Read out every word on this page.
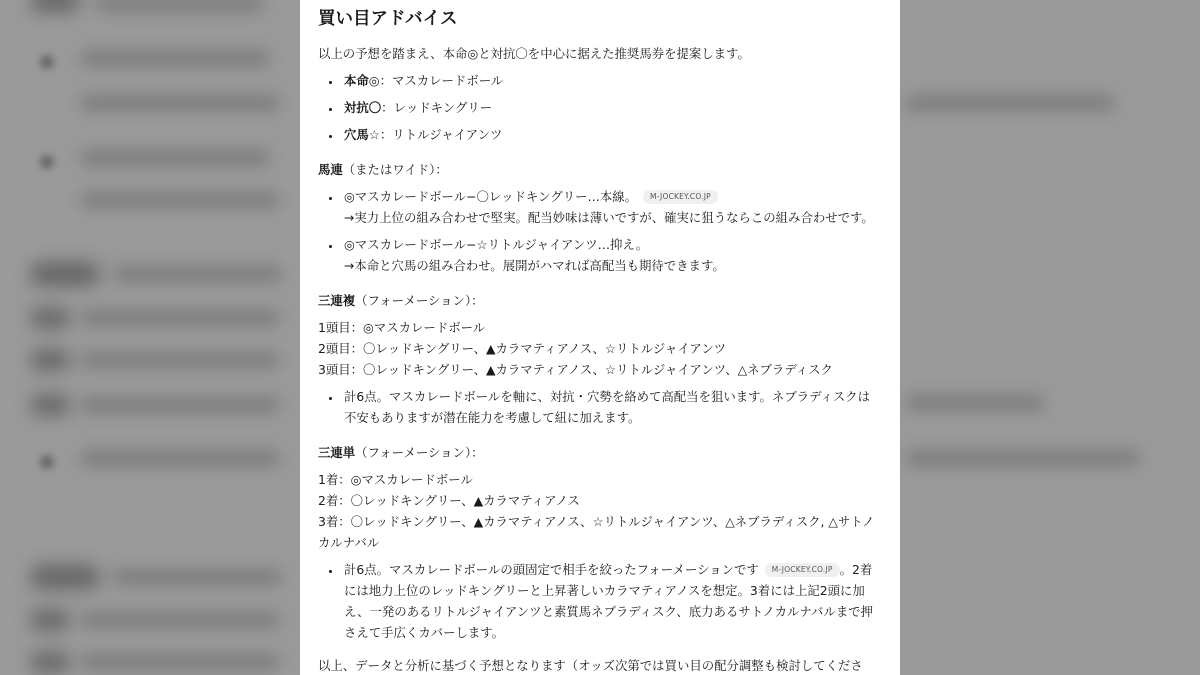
買い目アドバイス

以上の予想を踏まえ、本命◎と対抗〇を中心に据えた推奨馬券を提案します。

• 本命◎：マスカレードボール
• 対抗〇：レッドキングリー
• 穴馬☆：リトルジャイアンツ

馬連（またはワイド）：

• ◎マスカレードボール−〇レッドキングリー…本線。 M-JOCKEY.CO.JP
→実力上位の組み合わせで堅実。配当妙味は薄いですが、確実に狙うならこの組み合わせです。
• ◎マスカレードボール−☆リトルジャイアンツ…抑え。
→本命と穴馬の組み合わせ。展開がハマれば高配当も期待できます。

三連複（フォーメーション）：

1頭目：◎マスカレードボール

2頭目：〇レッドキングリー、▲カラマティアノス、☆リトルジャイアンツ

3頭目：〇レッドキングリー、▲カラマティアノス、☆リトルジャイアンツ、△ネブラディスク

• 計6点。マスカレードボールを軸に、対抗・穴勢を絡めて高配当を狙います。ネブラディスクは不安もありますが潜在能力を考慮して紐に加えます。

三連単（フォーメーション）：

1着：◎マスカレードボール

2着：〇レッドキングリー、▲カラマティアノス

3着：〇レッドキングリー、▲カラマティアノス、☆リトルジャイアンツ、△ネブラディスク, △サトノカルナバル

• 計6点。マスカレードボールの頭固定で相手を絞ったフォーメーションです M-JOCKEY.CO.JP 。2着には地力上位のレッドキングリーと上昇著しいカラマティアノスを想定。3着には上記2頭に加え、一発のあるリトルジャイアンツと素質馬ネブラディスク、底力あるサトノカルナバルまで押さえて手広くカバーします。

以上、データと分析に基づく予想となります（オッズ次第では買い目の配分調整も検討してくださ
